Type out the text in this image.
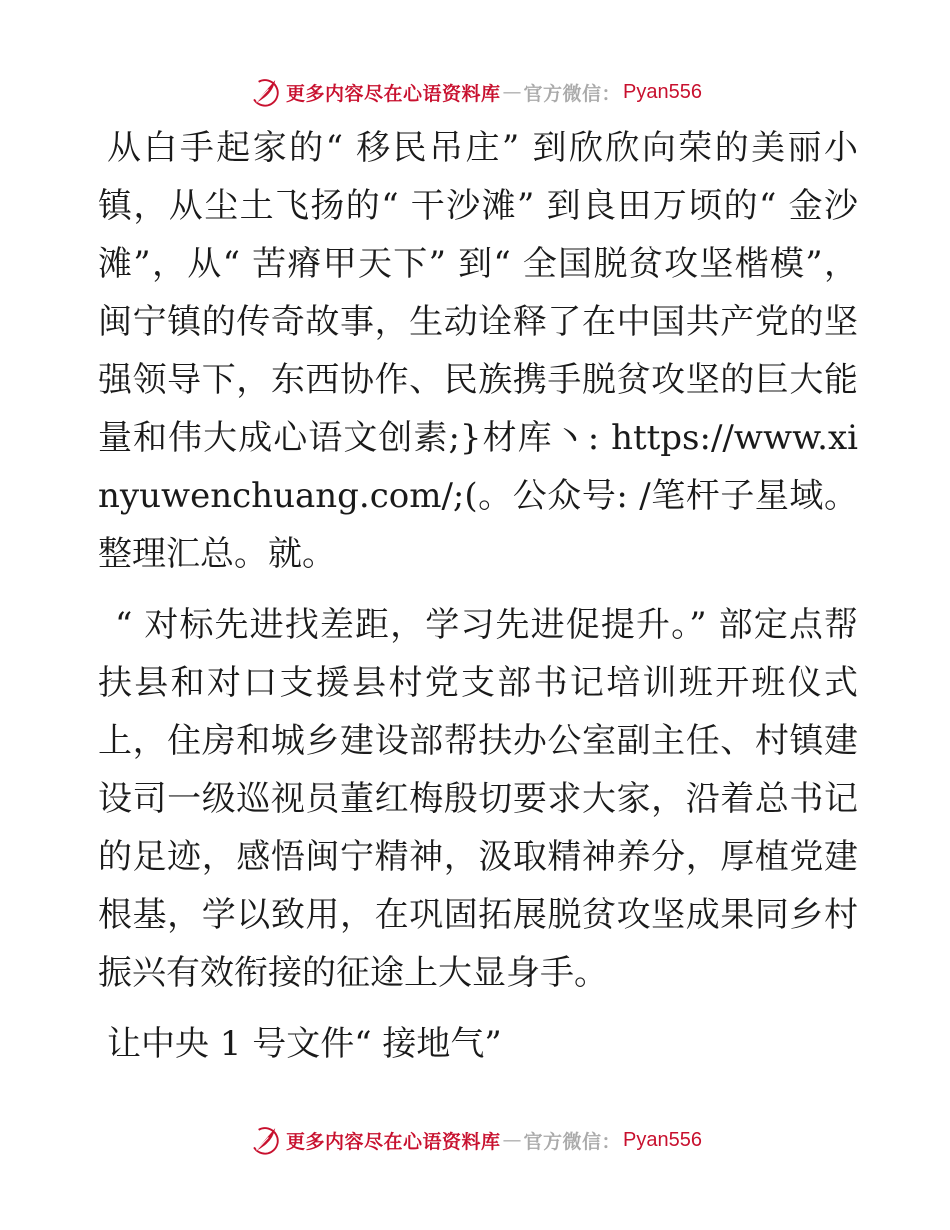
更多内容尽在心语资料库 — 官方微信： Pyan556

从白手起家的“ 移民吊庄” 到欣欣向荣的美丽小镇，从尘土飞扬的“ 干沙滩” 到良田万顷的“ 金沙滩”，从“ 苦瘠甲天下” 到“ 全国脱贫攻坚楷模”，闽宁镇的传奇故事，生动诠释了在中国共产党的坚强领导下，东西协作、民族携手脱贫攻坚的巨大能量和伟大成心语文创素;}材库丶: https://www.xinyuwenchuang.com/;(。公众号: /笔杆子星域。整理汇总。就。

“ 对标先进找差距，学习先进促提升。” 部定点帮扶县和对口支援县村党支部书记培训班开班仪式上，住房和城乡建设部帮扶办公室副主任、村镇建设司一级巡视员董红梅殷切要求大家，沿着总书记的足迹，感悟闽宁精神，汲取精神养分，厚植党建根基，学以致用，在巩固拓展脱贫攻坚成果同乡村振兴有效衔接的征途上大显身手。

让中央 1 号文件“ 接地气”

更多内容尽在心语资料库 — 官方微信： Pyan556
